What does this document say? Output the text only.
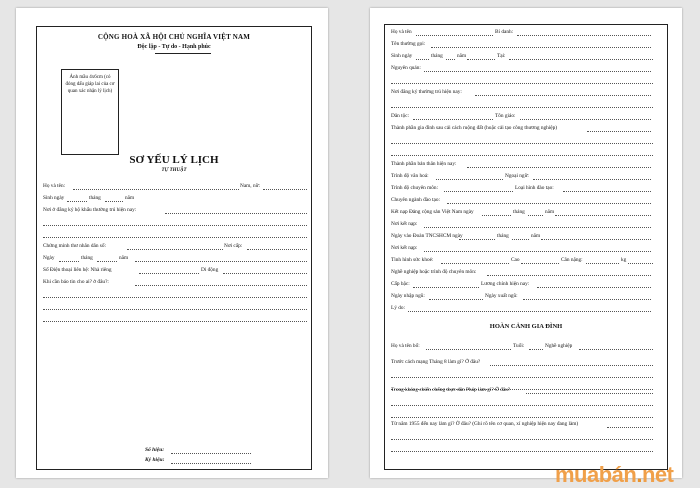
CỘNG HOÀ XÃ HỘI CHỦ NGHĨA VIỆT NAM
Độc lập - Tự do - Hạnh phúc
Ảnh mầu 4x6cm (có đóng dấu giáp lai của cơ quan xác nhận lý lịch)
SƠ YẾU LÝ LỊCH
TỰ THUẬT
Họ và tên:	Nam, nữ:
Sinh ngày	tháng	năm
Nơi ở đăng ký hộ khẩu thường trú hiện nay:
Chứng minh thư nhân dân số:	Nơi cấp:
Ngày	tháng	năm
Số Điện thoại liên hệ: Nhà riêng	Di động
Khi cần báo tin cho ai? ở đâu?:
Số hiệu:
Ký hiệu:
Họ và tên	Bí danh:
Tên thường gọi:
Sinh ngày	tháng	năm	Tại:
Nguyên quán:
Nơi đăng ký thường trú hiện nay:
Dân tộc:	Tôn giáo:
Thành phần gia đình sau cải cách ruộng đất (hoặc cải tạo công thương nghiệp)
Thành phần bản thân hiện nay:
Trình độ văn hoá:	Ngoại ngữ:
Trình độ chuyên môn:	Loại hình đào tạo:
Chuyên ngành đào tạo:
Kết nạp Đảng cộng sản Việt Nam ngày	tháng	năm
Nơi kết nạp:
Ngày vào Đoàn TNCSHCM ngày	tháng	năm
Nơi kết nạp:
Tình hình sức khoẻ:	Cao	Cân nặng:	kg
Nghề nghiệp hoặc trình độ chuyên môn:
Cấp bậc:	Lương chính hiện nay:
Ngày nhập ngũ:	Ngày xuất ngũ:
Lý do:
HOÀN CẢNH GIA ĐÌNH
Họ và tên bố:	Tuổi:	Nghề nghiệp
Trước cách mạng Tháng 8 làm gì? Ở đâu?
Trong kháng chiến chống thực dân Pháp làm gì? Ở đâu?
Từ năm 1955 đến nay làm gì? Ở đâu? (Ghi rõ tên cơ quan, xí nghiệp hiện nay đang làm)
muabán.net
